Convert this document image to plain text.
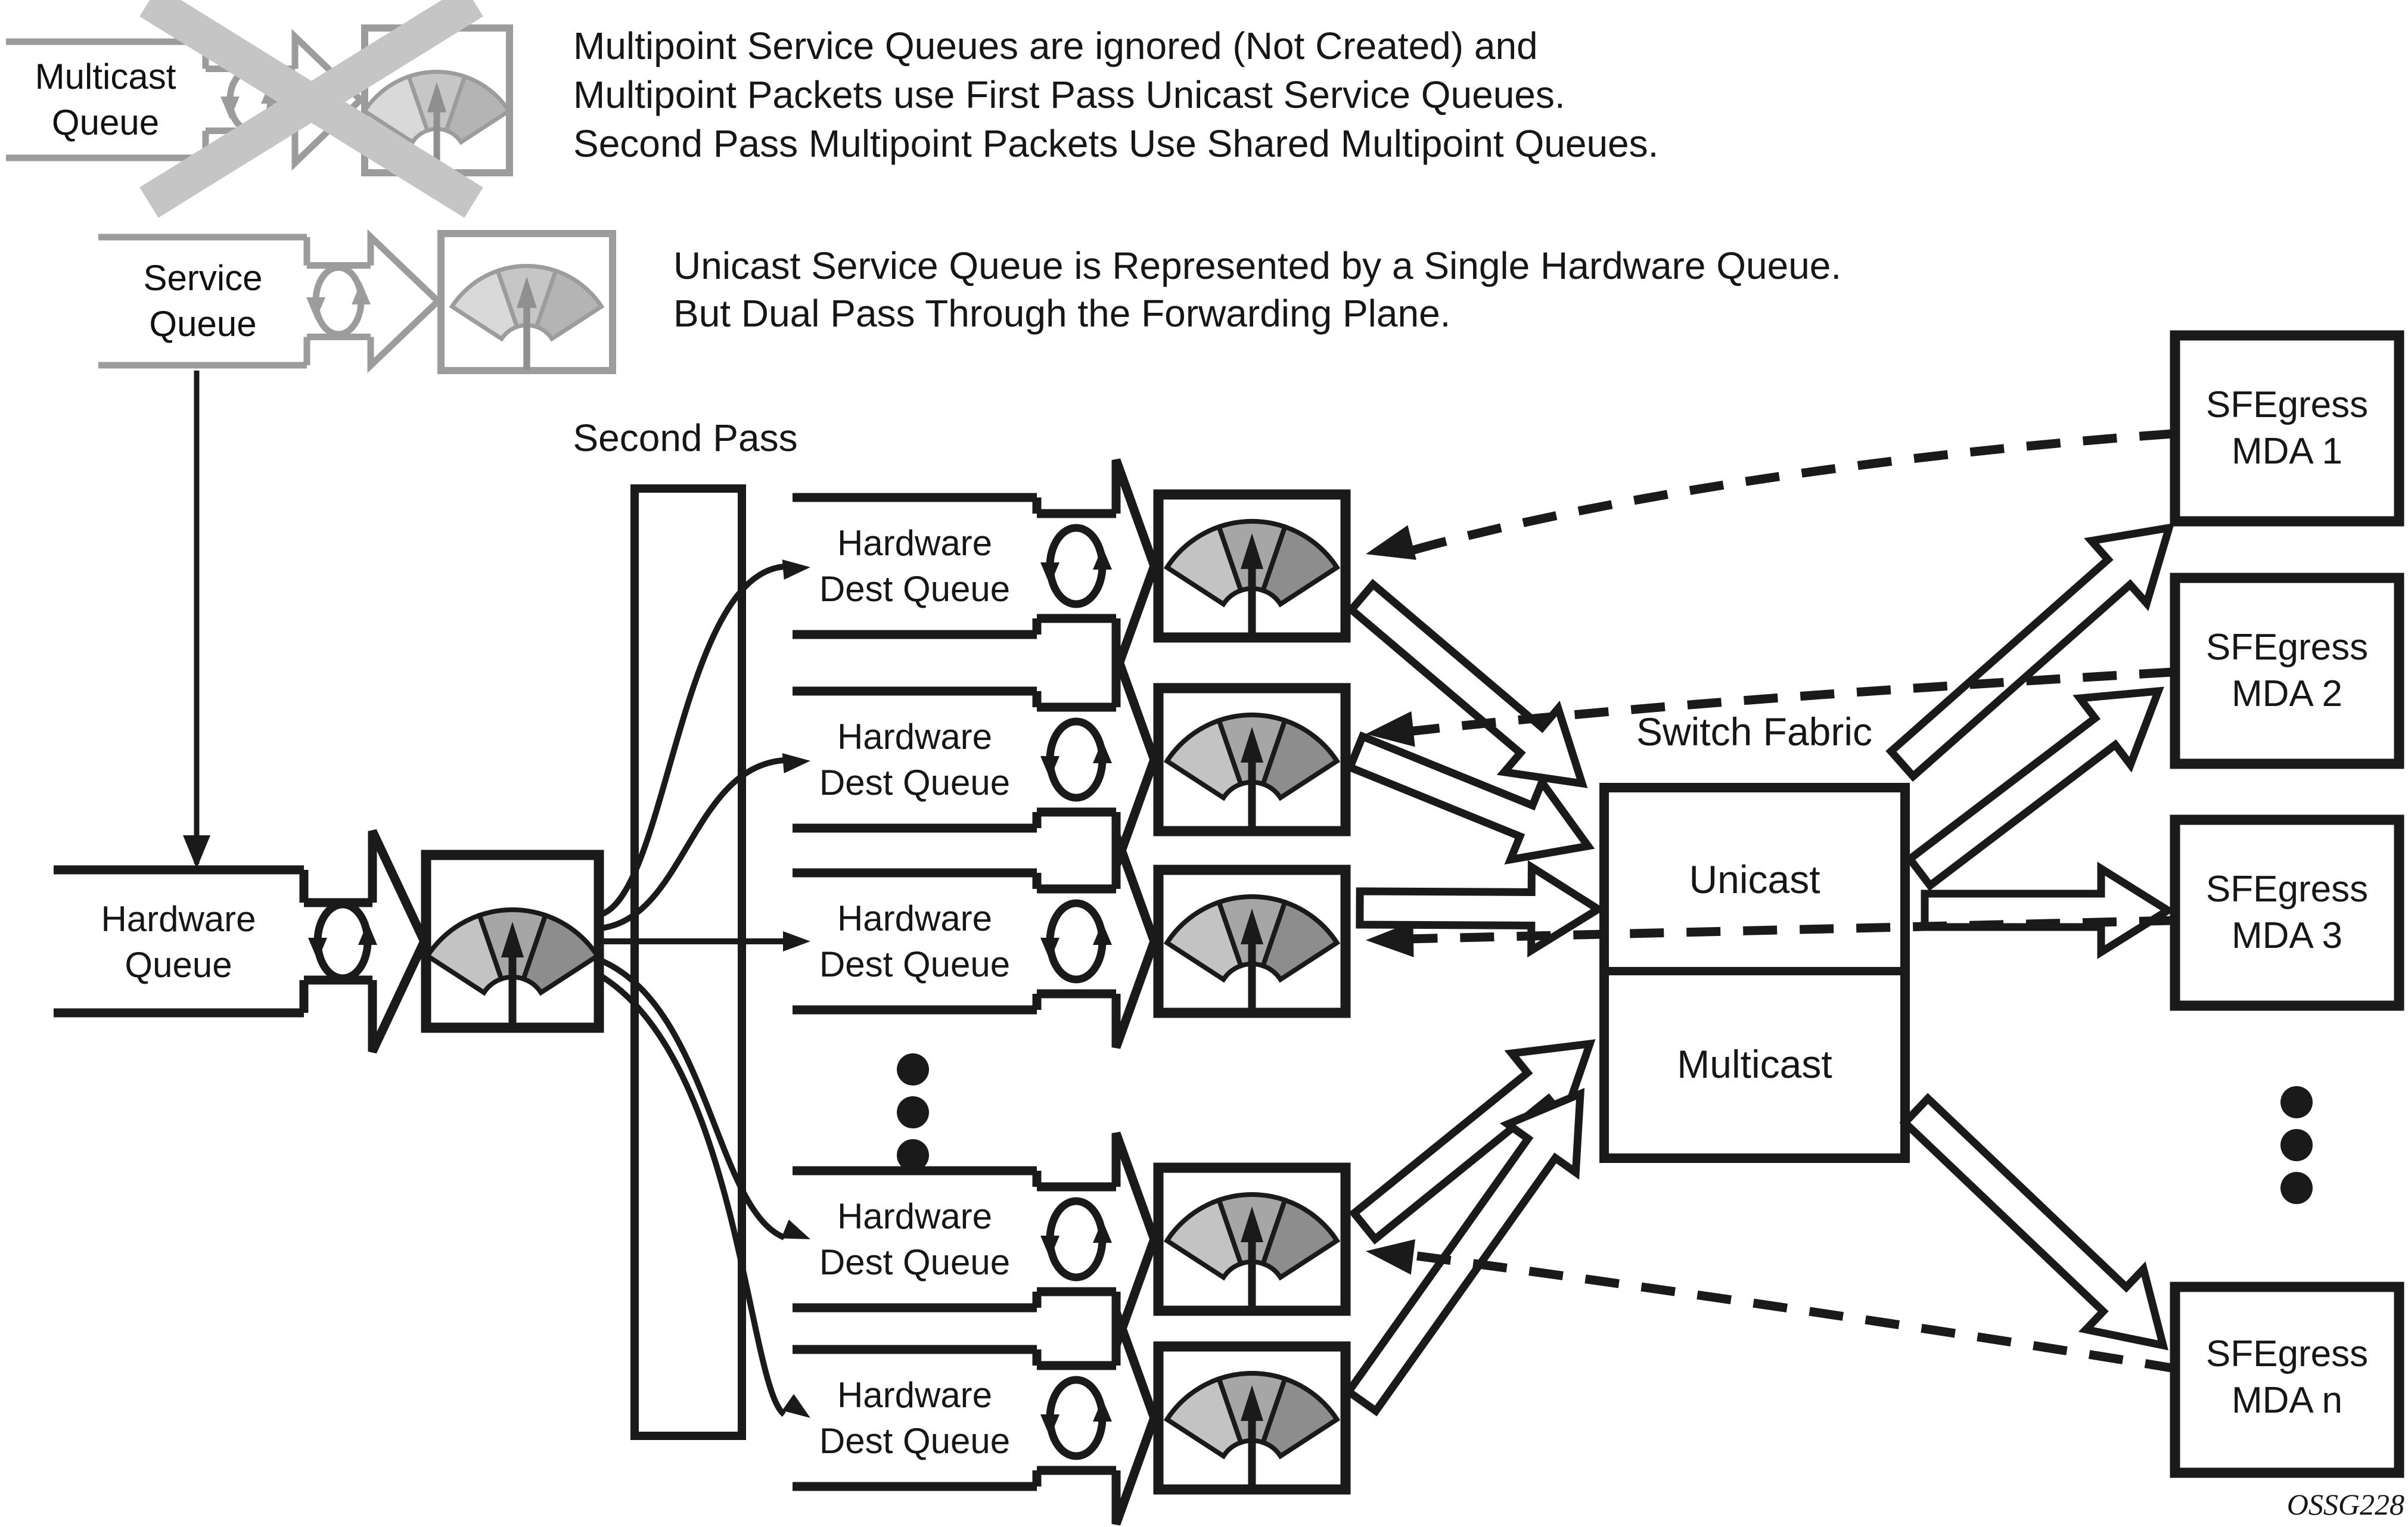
Multipoint Service Queues are ignored (Not Created) and
Multipoint Packets use First Pass Unicast Service Queues.
Second Pass Multipoint Packets Use Shared Multipoint Queues.
Unicast Service Queue is Represented by a Single Hardware Queue.
But Dual Pass Through the Forwarding Plane.
Multicast
Queue
Service
Queue
Second Pass
Hardware
Queue
Hardware
Dest Queue
Hardware
Dest Queue
Hardware
Dest Queue
Hardware
Dest Queue
Hardware
Dest Queue
Switch Fabric
Unicast
Multicast
SFEgress
MDA 1
SFEgress
MDA 2
SFEgress
MDA 3
SFEgress
MDA n
OSSG228
